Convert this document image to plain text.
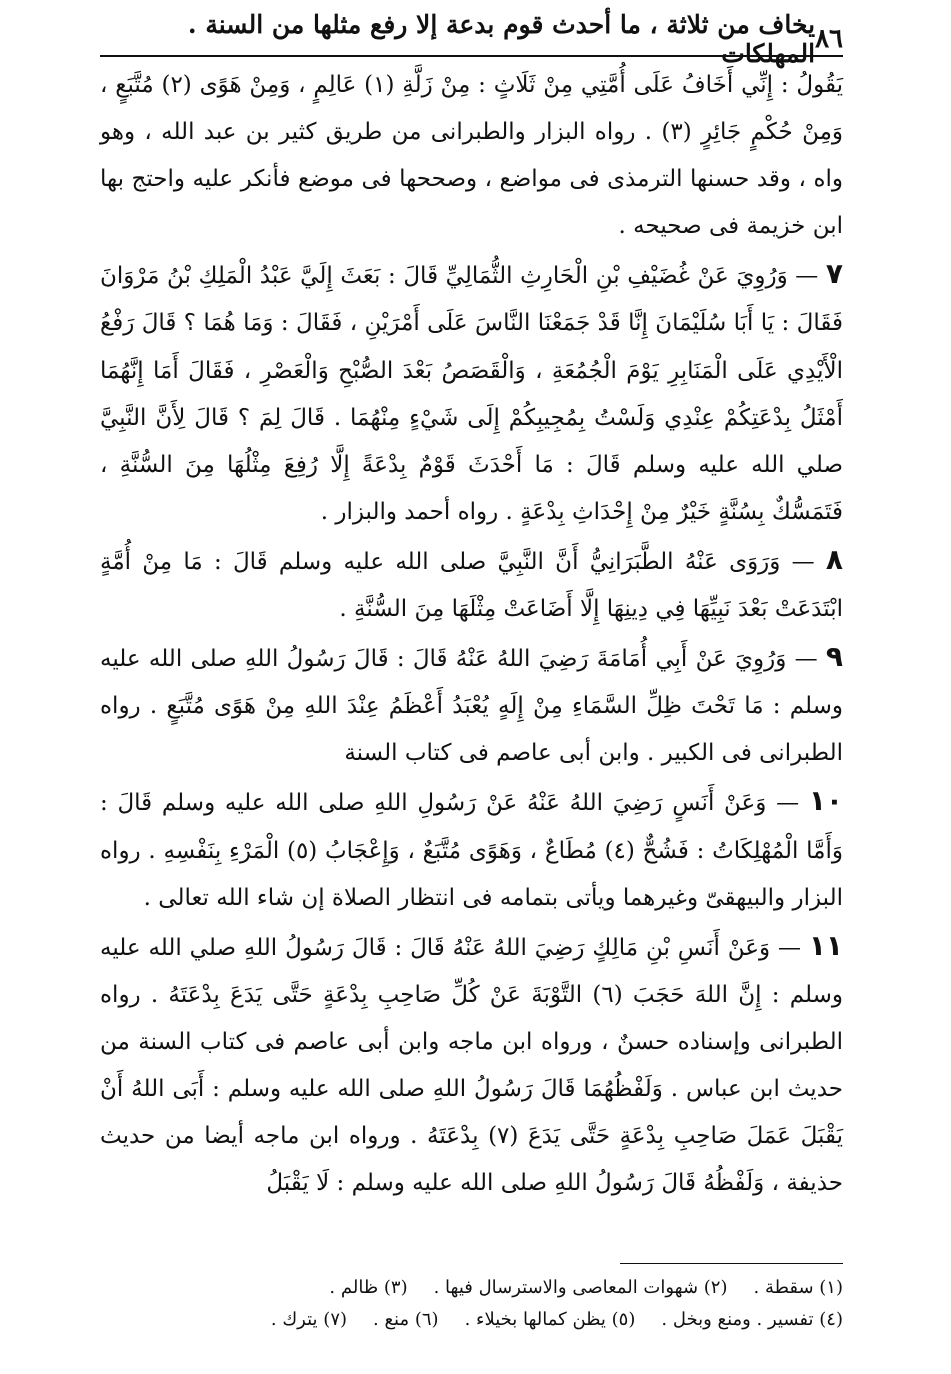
٨٦
يخاف من ثلاثة ، ما أحدث قوم بدعة إلا رفع مثلها من السنة . المهلكات

يَقُولُ : إِنِّي أَخَافُ عَلَى أُمَّتِي مِنْ ثَلَاثٍ : مِنْ زَلَّةِ (١) عَالِمٍ ، وَمِنْ هَوًى (٢) مُتَّبَعٍ ، وَمِنْ حُكْمٍ جَائِرٍ (٣) . رواه البزار والطبرانى من طريق كثير بن عبد الله ، وهو واه ، وقد حسنها الترمذى فى مواضع ، وصححها فى موضع فأنكر عليه واحتج بها ابن خزيمة فى صحيحه .

٧ — وَرُوِيَ عَنْ غُضَيْفِ بْنِ الْحَارِثِ الثُّمَالِيِّ قَالَ : بَعَثَ إِلَيَّ عَبْدُ الْمَلِكِ بْنُ مَرْوَانَ فَقَالَ : يَا أَبَا سُلَيْمَانَ إِنَّا قَدْ جَمَعْنَا النَّاسَ عَلَى أَمْرَيْنِ ، فَقَالَ : وَمَا هُمَا ؟ قَالَ رَفْعُ الْأَيْدِي عَلَى الْمَنَابِرِ يَوْمَ الْجُمُعَةِ ، وَالْقَصَصُ بَعْدَ الصُّبْحِ وَالْعَصْرِ ، فَقَالَ أَمَا إِنَّهُمَا أَمْثَلُ بِدْعَتِكُمْ عِنْدِي وَلَسْتُ بِمُجِيبِكُمْ إِلَى شَيْءٍ مِنْهُمَا . قَالَ لِمَ ؟ قَالَ لِأَنَّ النَّبِيَّ صلي الله عليه وسلم قَالَ : مَا أَحْدَثَ قَوْمٌ بِدْعَةً إِلَّا رُفِعَ مِثْلُهَا مِنَ السُّنَّةِ ، فَتَمَسُّكٌ بِسُنَّةٍ خَيْرٌ مِنْ إِحْدَاثِ بِدْعَةٍ . رواه أحمد والبزار .

٨ — وَرَوَى عَنْهُ الطَّبَرَانِيُّ أَنَّ النَّبِيَّ صلى الله عليه وسلم قَالَ : مَا مِنْ أُمَّةٍ ابْتَدَعَتْ بَعْدَ نَبِيِّهَا فِي دِينِهَا إِلَّا أَضَاعَتْ مِثْلَهَا مِنَ السُّنَّةِ .

٩ — وَرُوِيَ عَنْ أَبِي أُمَامَةَ رَضِيَ اللهُ عَنْهُ قَالَ : قَالَ رَسُولُ اللهِ صلى الله عليه وسلم : مَا تَحْتَ ظِلِّ السَّمَاءِ مِنْ إِلَهٍ يُعْبَدُ أَعْظَمُ عِنْدَ اللهِ مِنْ هَوًى مُتَّبَعٍ . رواه الطبرانى فى الكبير . وابن أبى عاصم فى كتاب السنة

١٠ — وَعَنْ أَنَسٍ رَضِيَ اللهُ عَنْهُ عَنْ رَسُولِ اللهِ صلى الله عليه وسلم قَالَ : وَأَمَّا الْمُهْلِكَاتُ : فَشُحٌّ (٤) مُطَاعٌ ، وَهَوًى مُتَّبَعٌ ، وَإِعْجَابُ (٥) الْمَرْءِ بِنَفْسِهِ . رواه البزار والبيهقىّ وغيرهما ويأتى بتمامه فى انتظار الصلاة إن شاء الله تعالى .

١١ — وَعَنْ أَنَسِ بْنِ مَالِكٍ رَضِيَ اللهُ عَنْهُ قَالَ : قَالَ رَسُولُ اللهِ صلي الله عليه وسلم : إِنَّ اللهَ حَجَبَ (٦) التَّوْبَةَ عَنْ كُلِّ صَاحِبِ بِدْعَةٍ حَتَّى يَدَعَ بِدْعَتَهُ . رواه الطبرانى وإسناده حسنٌ ، ورواه ابن ماجه وابن أبى عاصم فى كتاب السنة من حديث ابن عباس . وَلَفْظُهُمَا قَالَ رَسُولُ اللهِ صلى الله عليه وسلم : أَبَى اللهُ أَنْ يَقْبَلَ عَمَلَ صَاحِبِ بِدْعَةٍ حَتَّى يَدَعَ (٧) بِدْعَتَهُ . ورواه ابن ماجه أيضا من حديث حذيفة ، وَلَفْظُهُ قَالَ رَسُولُ اللهِ صلى الله عليه وسلم : لَا يَقْبَلُ

(١) سقطة .
(٢) شهوات المعاصى والاسترسال فيها .
(٣) ظالم .
(٤) تفسير . ومنع وبخل .
(٥) يظن كمالها بخيلاء .
(٦) منع .
(٧) يترك .
